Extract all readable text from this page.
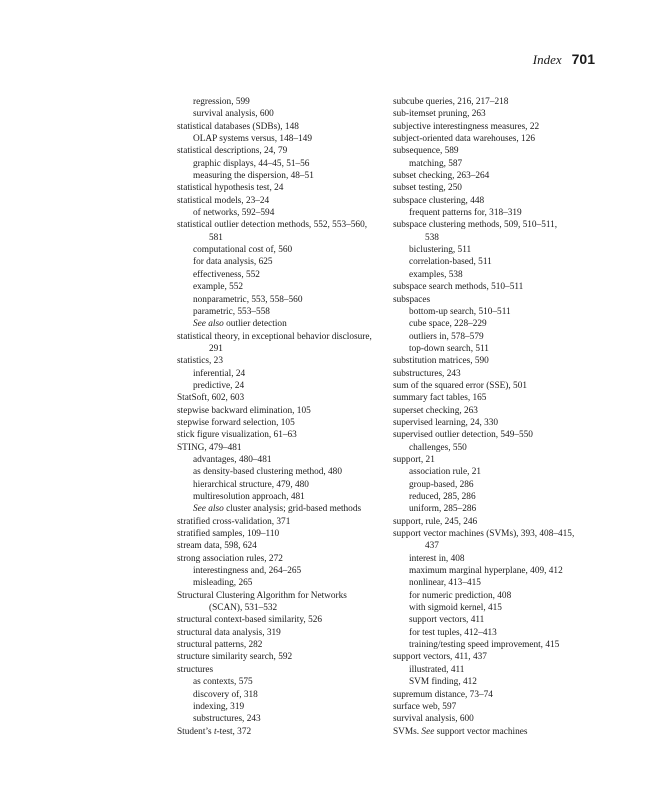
Index 701
regression, 599
survival analysis, 600
statistical databases (SDBs), 148
OLAP systems versus, 148–149
statistical descriptions, 24, 79
graphic displays, 44–45, 51–56
measuring the dispersion, 48–51
statistical hypothesis test, 24
statistical models, 23–24
of networks, 592–594
statistical outlier detection methods, 552, 553–560,
581
computational cost of, 560
for data analysis, 625
effectiveness, 552
example, 552
nonparametric, 553, 558–560
parametric, 553–558
See also outlier detection
statistical theory, in exceptional behavior disclosure,
291
statistics, 23
inferential, 24
predictive, 24
StatSoft, 602, 603
stepwise backward elimination, 105
stepwise forward selection, 105
stick figure visualization, 61–63
STING, 479–481
advantages, 480–481
as density-based clustering method, 480
hierarchical structure, 479, 480
multiresolution approach, 481
See also cluster analysis; grid-based methods
stratified cross-validation, 371
stratified samples, 109–110
stream data, 598, 624
strong association rules, 272
interestingness and, 264–265
misleading, 265
Structural Clustering Algorithm for Networks
(SCAN), 531–532
structural context-based similarity, 526
structural data analysis, 319
structural patterns, 282
structure similarity search, 592
structures
as contexts, 575
discovery of, 318
indexing, 319
substructures, 243
Student’s t-test, 372
subcube queries, 216, 217–218
sub-itemset pruning, 263
subjective interestingness measures, 22
subject-oriented data warehouses, 126
subsequence, 589
matching, 587
subset checking, 263–264
subset testing, 250
subspace clustering, 448
frequent patterns for, 318–319
subspace clustering methods, 509, 510–511,
538
biclustering, 511
correlation-based, 511
examples, 538
subspace search methods, 510–511
subspaces
bottom-up search, 510–511
cube space, 228–229
outliers in, 578–579
top-down search, 511
substitution matrices, 590
substructures, 243
sum of the squared error (SSE), 501
summary fact tables, 165
superset checking, 263
supervised learning, 24, 330
supervised outlier detection, 549–550
challenges, 550
support, 21
association rule, 21
group-based, 286
reduced, 285, 286
uniform, 285–286
support, rule, 245, 246
support vector machines (SVMs), 393, 408–415,
437
interest in, 408
maximum marginal hyperplane, 409, 412
nonlinear, 413–415
for numeric prediction, 408
with sigmoid kernel, 415
support vectors, 411
for test tuples, 412–413
training/testing speed improvement, 415
support vectors, 411, 437
illustrated, 411
SVM finding, 412
supremum distance, 73–74
surface web, 597
survival analysis, 600
SVMs. See support vector machines
